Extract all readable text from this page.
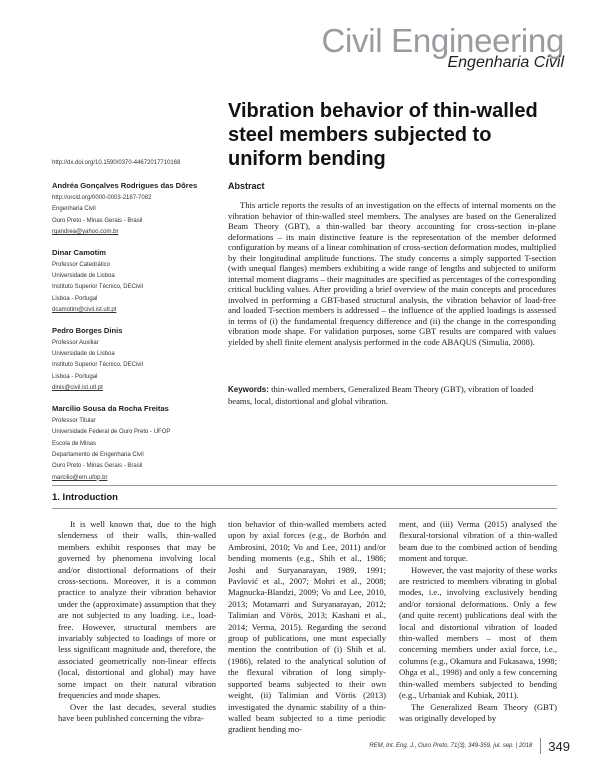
Civil Engineering
Engenharia Civil
Vibration behavior of thin-walled steel members subjected to uniform bending
http://dx.doi.org/10.1590/0370-44672017710168
Andréa Gonçalves Rodrigues das Dôres
http://orcid.org/0000-0003-2187-7082
Engenharia Civil
Ouro Preto - Minas Gerais - Brasil
rgandrea@yahoo.com.br
Dinar Camotim
Professor Catedrático
Universidade de Lisboa
Instituto Superior Técnico, DECivil
Lisboa - Portugal
dcamotim@civil.ist.utl.pt
Pedro Borges Dinis
Professor Auxiliar
Universidade de Lisboa
Instituto Superior Técnico, DECivil
Lisboa - Portugal
dinis@civil.ist.utl.pt
Marcílio Sousa da Rocha Freitas
Professor Titular
Universidade Federal de Ouro Preto - UFOP
Escola de Minas
Departamento de Engenharia Civil
Ouro Preto - Minas Gerais - Brasil
marcilio@em.ufop.br
Abstract

This article reports the results of an investigation on the effects of internal moments on the vibration behavior of thin-walled steel members. The analyses are based on the Generalized Beam Theory (GBT), a thin-walled bar theory accounting for cross-section in-plane deformations – its main distinctive feature is the representation of the member deformed configuration by means of a linear combination of cross-section deformation modes, multiplied by their longitudinal amplitude functions. The study concerns a simply supported T-section (with unequal flanges) members exhibiting a wide range of lengths and subjected to uniform internal moment diagrams – their magnitudes are specified as percentages of the corresponding critical buckling values. After providing a brief overview of the main concepts and procedures involved in performing a GBT-based structural analysis, the vibration behavior of load-free and loaded T-section members is addressed – the influence of the applied loadings is assessed in terms of (i) the fundamental frequency difference and (ii) the change in the corresponding vibration mode shape. For validation purposes, some GBT results are compared with values yielded by shell finite element analysis performed in the code ABAQUS (Simulia, 2008).

Keywords: thin-walled members, Generalized Beam Theory (GBT), vibration of loaded beams, local, distortional and global vibration.

1. Introduction

It is well known that, due to the high slenderness of their walls, thin-walled members exhibit responses that may be governed by phenomena involving local and/or distortional deformations of their cross-sections. Moreover, it is a common practice to analyze their vibration behavior under the (approximate) assumption that they are not subjected to any loading. i.e., load-free. However, structural members are invariably subjected to loadings of more or less significant magnitude and, therefore, the associated geometrically non-linear effects (local, distortional and global) may have some impact on their natural vibration frequencies and mode shapes.

Over the last decades, several studies have been published concerning the vibra-

tion behavior of thin-walled members acted upon by axial forces (e.g., de Borbón and Ambrosini, 2010; Vo and Lee, 2011) and/or bending moments (e.g., Shih et al., 1986; Joshi and Suryanarayan, 1989, 1991; Pavlović et al., 2007; Mohri et al., 2008; Magnucka-Blandzi, 2009; Vo and Lee, 2010, 2013; Motamarri and Suryanarayan, 2012; Talimian and Vörös, 2013; Kashani et al., 2014; Verma, 2015). Regarding the second group of publications, one must especially mention the contribution of (i) Shih et al. (1986), related to the analytical solution of the flexural vibration of long simply-supported beams subjected to their own weight, (ii) Talimian and Vörös (2013) investigated the dynamic stability of a thin-walled beam subjected to a time periodic gradient bending mo-

ment, and (iii) Verma (2015) analysed the flexural-torsional vibration of a thin-walled beam due to the combined action of bending moment and torque.

However, the vast majority of these works are restricted to members vibrating in global modes, i.e., involving exclusively bending and/or torsional deformations. Only a few (and quite recent) publications deal with the local and distortional vibration of loaded thin-walled members – most of them concerning members under axial force, i.e., columns (e.g., Okamura and Fukasawa, 1998; Ohga et al., 1998) and only a few concerning thin-walled members subjected to bending (e.g., Urbaniak and Kubiak, 2011).

The Generalized Beam Theory (GBT) was originally developed by

REM, Int. Eng. J., Ouro Preto, 71(3), 349-359, jul. sep. | 2018 349
